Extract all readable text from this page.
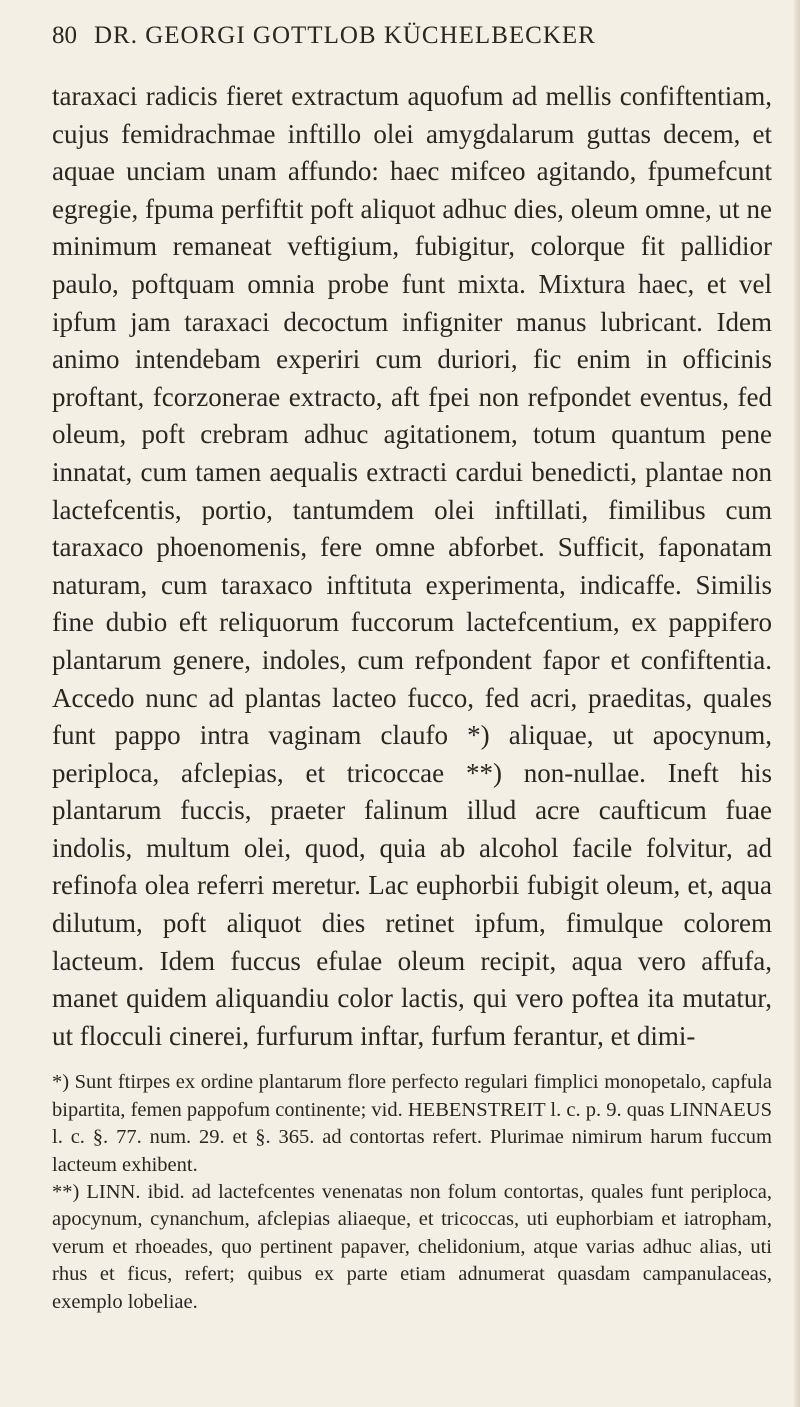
80 DR. GEORGI GOTTLOB KÜCHELBECKER

taraxaci radicis fieret extractum aquofum ad mellis confiftentiam, cujus femidrachmae inftillo olei amygdalarum guttas decem, et aquae unciam unam affundo: haec mifceo agitando, fpumefcunt egregie, fpuma perfiftit poft aliquot adhuc dies, oleum omne, ut ne minimum remaneat veftigium, fubigitur, colorque fit pallidior paulo, poftquam omnia probe funt mixta. Mixtura haec, et vel ipfum jam taraxaci decoctum infigniter manus lubricant. Idem animo intendebam experiri cum duriori, fic enim in officinis proftant, fcorzonerae extracto, aft fpei non refpondet eventus, fed oleum, poft crebram adhuc agitationem, totum quantum pene innatat, cum tamen aequalis extracti cardui benedicti, plantae non lactefcentis, portio, tantumdem olei inftillati, fimilibus cum taraxaco phoenomenis, fere omne abforbet. Sufficit, faponatam naturam, cum taraxaco inftituta experimenta, indicaffe. Similis fine dubio eft reliquorum fuccorum lactefcentium, ex pappifero plantarum genere, indoles, cum refpondent fapor et confiftentia. Accedo nunc ad plantas lacteo fucco, fed acri, praeditas, quales funt pappo intra vaginam claufo *) aliquae, ut apocynum, periploca, afclepias, et tricoccae **) non-nullae. Ineft his plantarum fuccis, praeter falinum illud acre caufticum fuae indolis, multum olei, quod, quia ab alcohol facile folvitur, ad refinofa olea referri meretur. Lac euphorbii fubigit oleum, et, aqua dilutum, poft aliquot dies retinet ipfum, fimulque colorem lacteum. Idem fuccus efulae oleum recipit, aqua vero affufa, manet quidem aliquandiu color lactis, qui vero poftea ita mutatur, ut flocculi cinerei, furfurum inftar, furfum ferantur, et dimi-

*) Sunt ftirpes ex ordine plantarum flore perfecto regulari fimplici monopetalo, capfula bipartita, femen pappofum continente; vid. HEBENSTREIT l. c. p. 9. quas LINNAEUS l. c. §. 77. num. 29. et §. 365. ad contortas refert. Plurimae nimirum harum fuccum lacteum exhibent.

**) LINN. ibid. ad lactefcentes venenatas non folum contortas, quales funt periploca, apocynum, cynanchum, afclepias aliaeque, et tricoccas, uti euphorbiam et iatropham, verum et rhoeades, quo pertinent papaver, chelidonium, atque varias adhuc alias, uti rhus et ficus, refert; quibus ex parte etiam adnumerat quasdam campanulaceas, exemplo lobeliae.
